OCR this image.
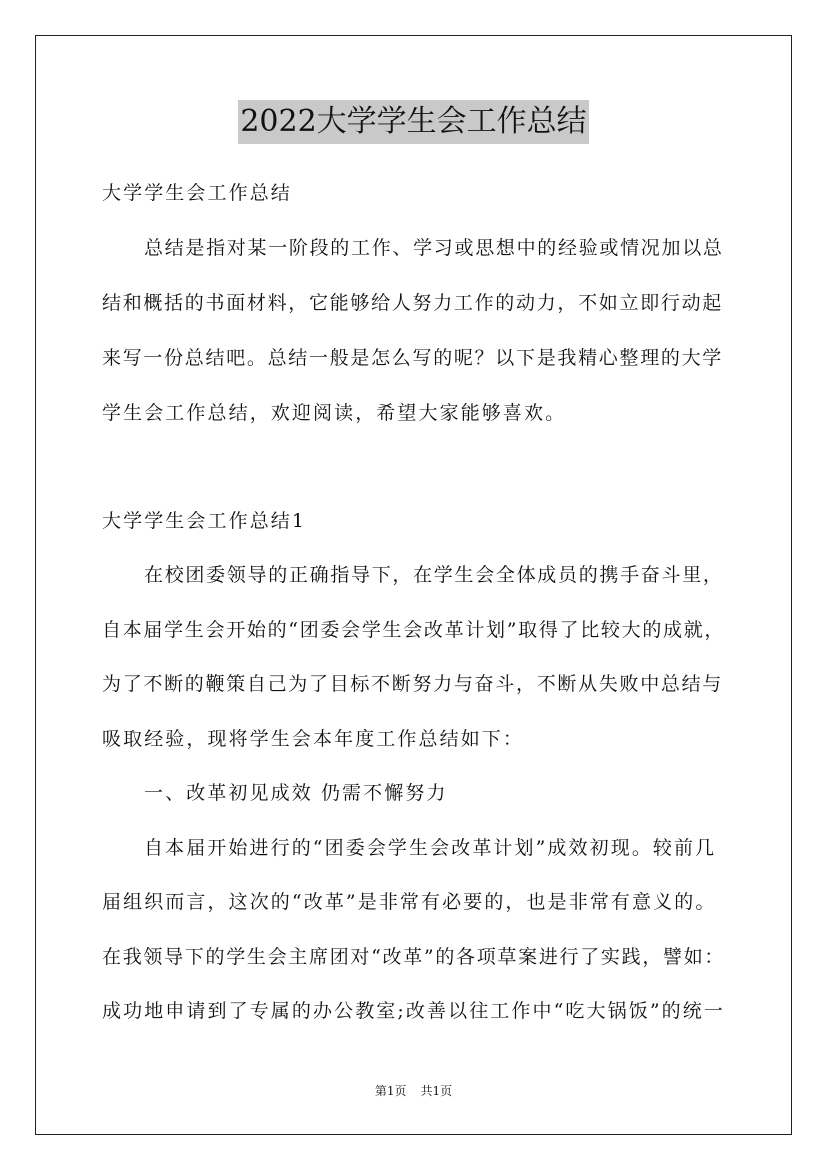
2022大学学生会工作总结

大学学生会工作总结

总结是指对某一阶段的工作、学习或思想中的经验或情况加以总

结和概括的书面材料，它能够给人努力工作的动力，不如立即行动起

来写一份总结吧。总结一般是怎么写的呢？以下是我精心整理的大学

学生会工作总结，欢迎阅读，希望大家能够喜欢。

大学学生会工作总结1

在校团委领导的正确指导下，在学生会全体成员的携手奋斗里，

自本届学生会开始的“团委会学生会改革计划”取得了比较大的成就，

为了不断的鞭策自己为了目标不断努力与奋斗，不断从失败中总结与

吸取经验，现将学生会本年度工作总结如下：

一、改革初见成效 仍需不懈努力

自本届开始进行的“团委会学生会改革计划”成效初现。较前几

届组织而言，这次的“改革”是非常有必要的，也是非常有意义的。

在我领导下的学生会主席团对“改革”的各项草案进行了实践，譬如：

成功地申请到了专属的办公教室;改善以往工作中“吃大锅饭”的统一

第1页 共1页
